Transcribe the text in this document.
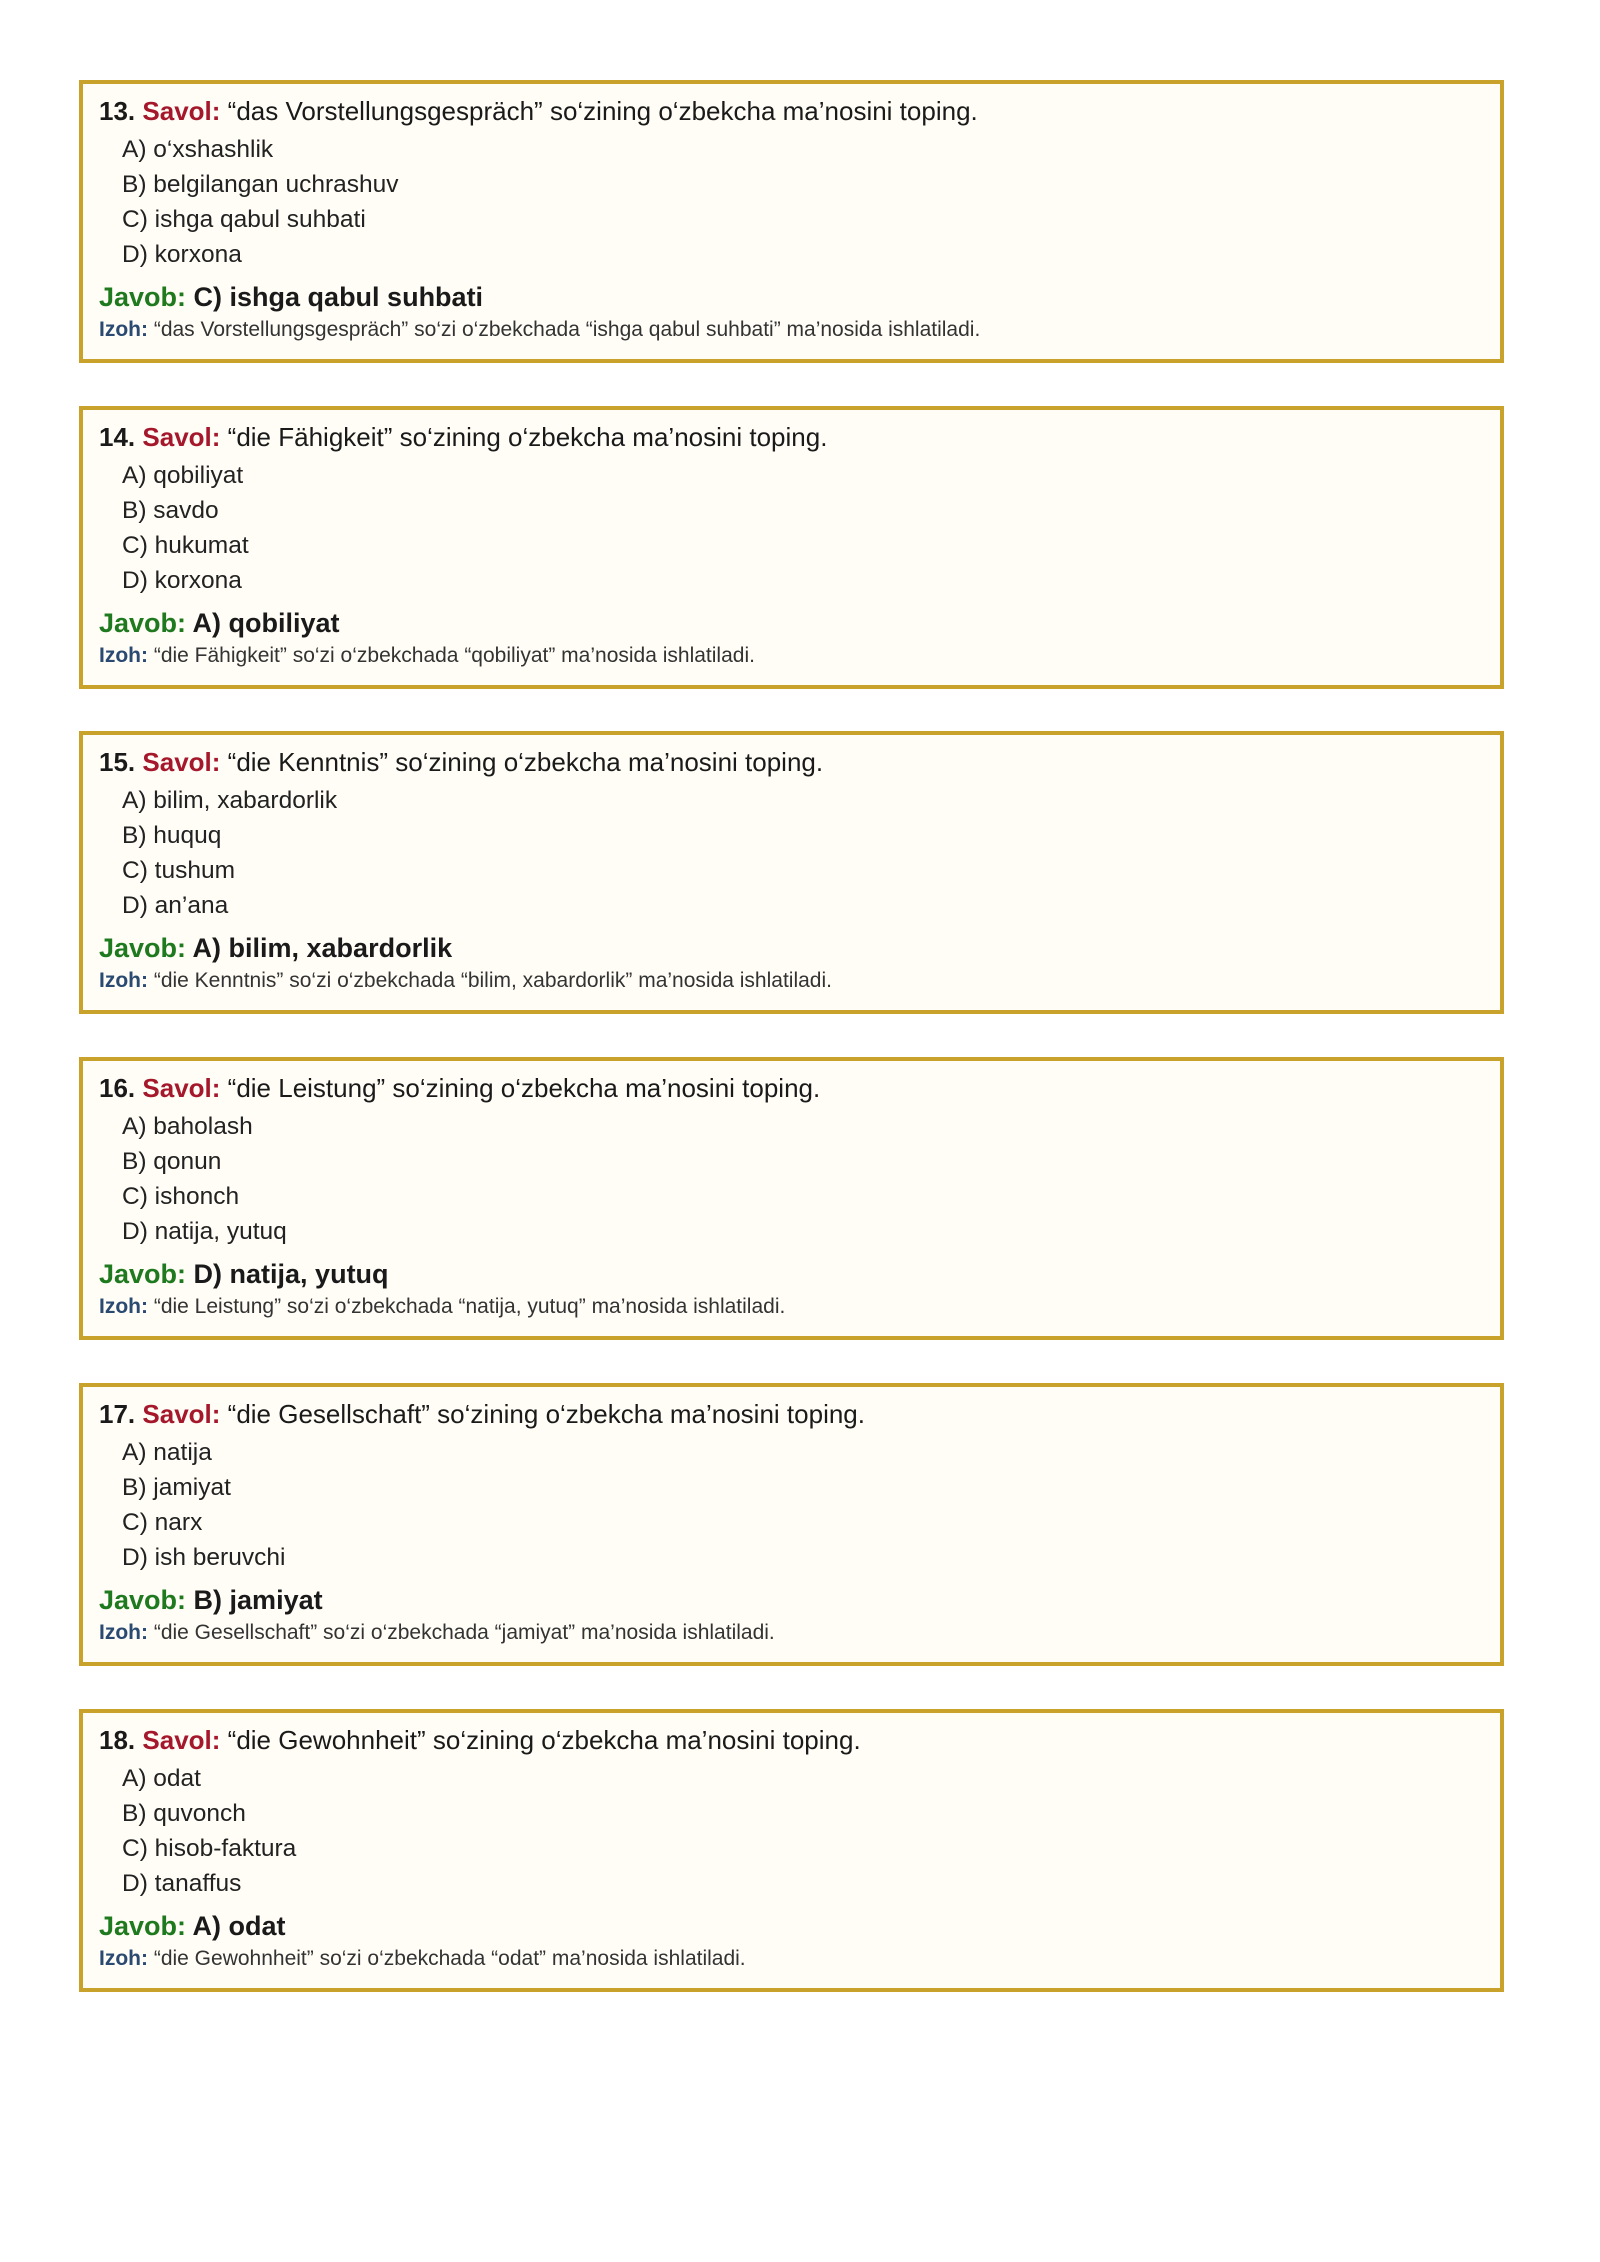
13. Savol: “das Vorstellungsgespräch” so‘zining o‘zbekcha ma’nosini toping.
A) o‘xshashlik
B) belgilangan uchrashuv
C) ishga qabul suhbati
D) korxona
Javob: C) ishga qabul suhbati
Izoh: “das Vorstellungsgespräch” so‘zi o‘zbekchada “ishga qabul suhbati” ma’nosida ishlatiladi.
14. Savol: “die Fähigkeit” so‘zining o‘zbekcha ma’nosini toping.
A) qobiliyat
B) savdo
C) hukumat
D) korxona
Javob: A) qobiliyat
Izoh: “die Fähigkeit” so‘zi o‘zbekchada “qobiliyat” ma’nosida ishlatiladi.
15. Savol: “die Kenntnis” so‘zining o‘zbekcha ma’nosini toping.
A) bilim, xabardorlik
B) huquq
C) tushum
D) an’ana
Javob: A) bilim, xabardorlik
Izoh: “die Kenntnis” so‘zi o‘zbekchada “bilim, xabardorlik” ma’nosida ishlatiladi.
16. Savol: “die Leistung” so‘zining o‘zbekcha ma’nosini toping.
A) baholash
B) qonun
C) ishonch
D) natija, yutuq
Javob: D) natija, yutuq
Izoh: “die Leistung” so‘zi o‘zbekchada “natija, yutuq” ma’nosida ishlatiladi.
17. Savol: “die Gesellschaft” so‘zining o‘zbekcha ma’nosini toping.
A) natija
B) jamiyat
C) narx
D) ish beruvchi
Javob: B) jamiyat
Izoh: “die Gesellschaft” so‘zi o‘zbekchada “jamiyat” ma’nosida ishlatiladi.
18. Savol: “die Gewohnheit” so‘zining o‘zbekcha ma’nosini toping.
A) odat
B) quvonch
C) hisob-faktura
D) tanaffus
Javob: A) odat
Izoh: “die Gewohnheit” so‘zi o‘zbekchada “odat” ma’nosida ishlatiladi.
